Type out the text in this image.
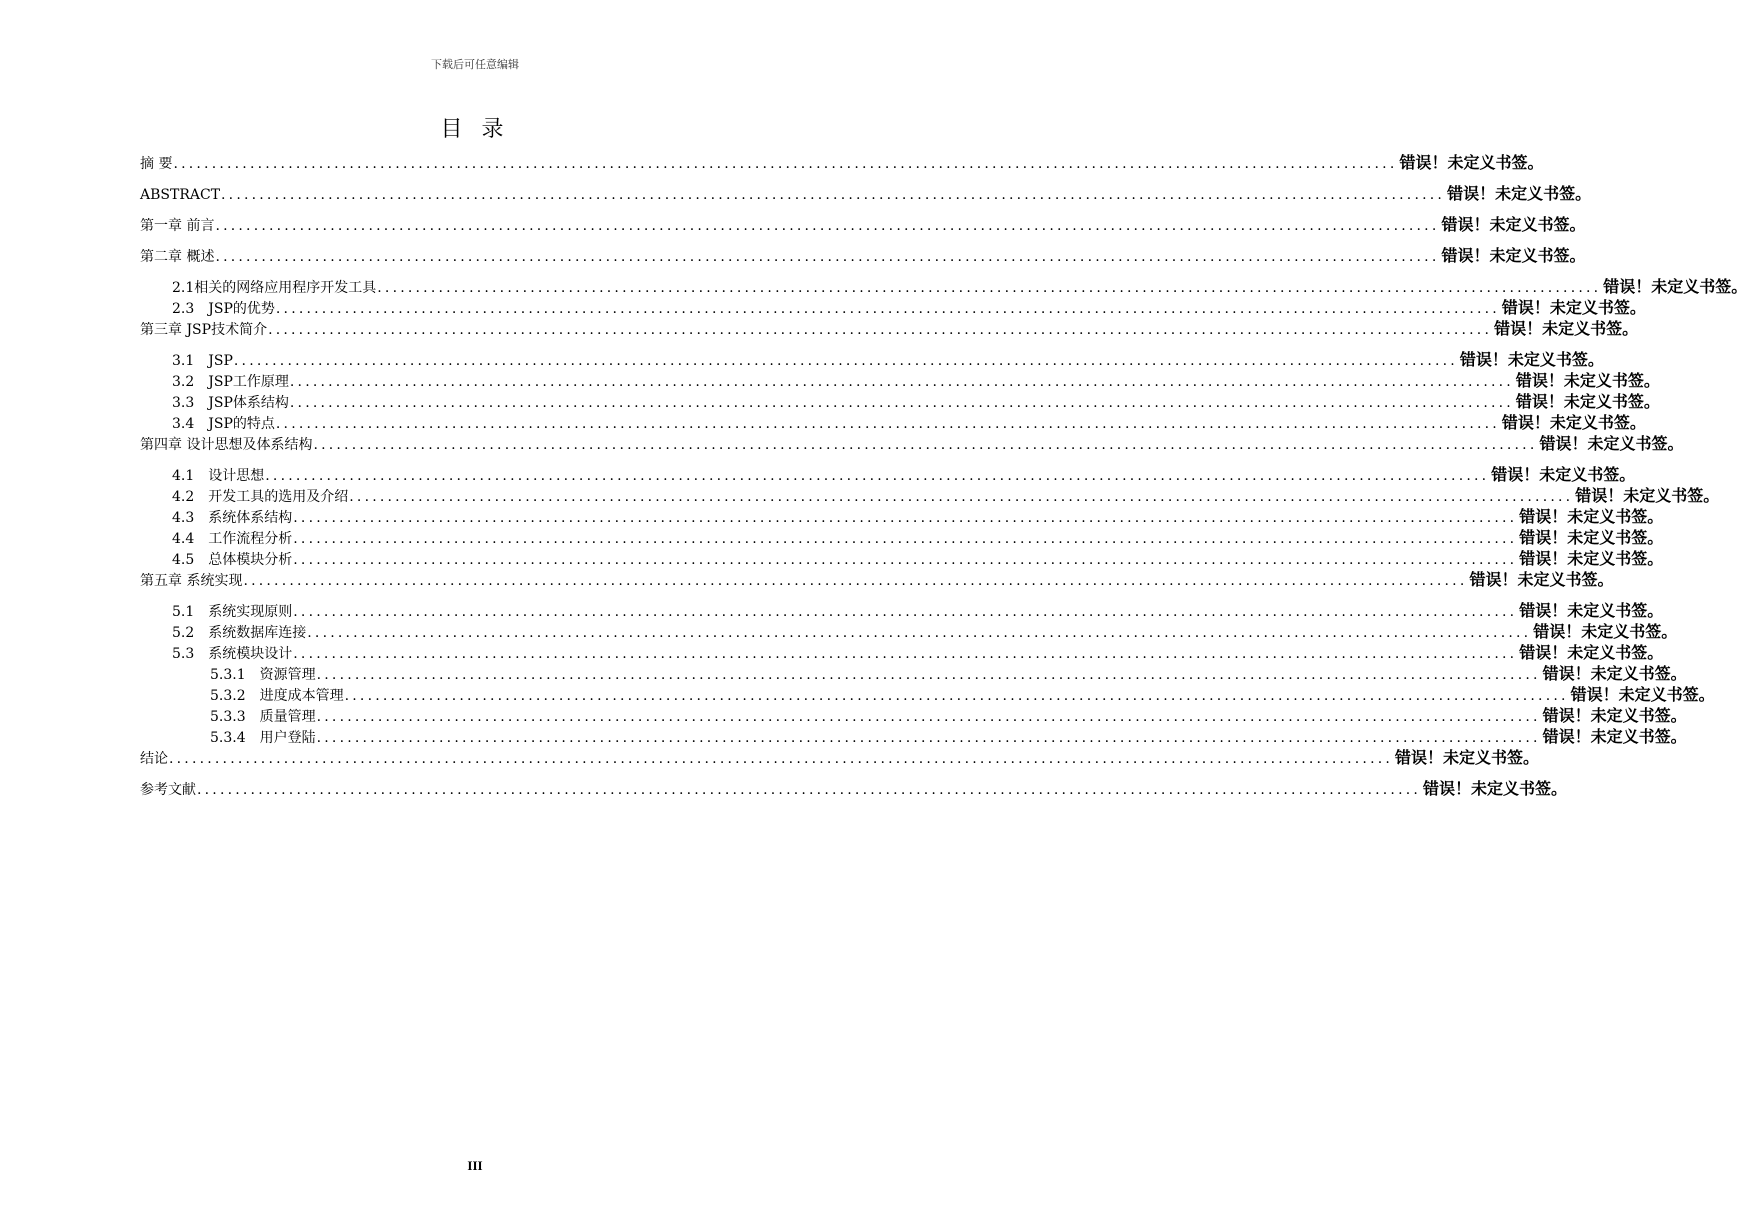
下载后可任意编辑
目 录
摘 要 ................................................................................................................................................................ 错误！未定义书签。
ABSTRACT ................................................................................................................................................................ 错误！未定义书签。
第一章 前言 ................................................................................................................................................................ 错误！未定义书签。
第二章 概述 ................................................................................................................................................................ 错误！未定义书签。
2.1相关的网络应用程序开发工具 ................................................................................................................................................................ 错误！未定义书签。
2.3 JSP的优势 ................................................................................................................................................................ 错误！未定义书签。
第三章 JSP技术简介 ................................................................................................................................................................ 错误！未定义书签。
3.1 JSP ................................................................................................................................................................ 错误！未定义书签。
3.2 JSP工作原理 ................................................................................................................................................................ 错误！未定义书签。
3.3 JSP体系结构 ................................................................................................................................................................ 错误！未定义书签。
3.4 JSP的特点 ................................................................................................................................................................ 错误！未定义书签。
第四章 设计思想及体系结构 ................................................................................................................................................................ 错误！未定义书签。
4.1 设计思想 ................................................................................................................................................................ 错误！未定义书签。
4.2 开发工具的选用及介绍 ................................................................................................................................................................ 错误！未定义书签。
4.3 系统体系结构 ................................................................................................................................................................ 错误！未定义书签。
4.4 工作流程分析 ................................................................................................................................................................ 错误！未定义书签。
4.5 总体模块分析 ................................................................................................................................................................ 错误！未定义书签。
第五章 系统实现 ................................................................................................................................................................ 错误！未定义书签。
5.1 系统实现原则 ................................................................................................................................................................ 错误！未定义书签。
5.2 系统数据库连接 ................................................................................................................................................................ 错误！未定义书签。
5.3 系统模块设计 ................................................................................................................................................................ 错误！未定义书签。
5.3.1 资源管理 ................................................................................................................................................................ 错误！未定义书签。
5.3.2 进度成本管理 ................................................................................................................................................................ 错误！未定义书签。
5.3.3 质量管理 ................................................................................................................................................................ 错误！未定义书签。
5.3.4 用户登陆 ................................................................................................................................................................ 错误！未定义书签。
结论 ................................................................................................................................................................ 错误！未定义书签。
参考文献 ................................................................................................................................................................ 错误！未定义书签。
III
